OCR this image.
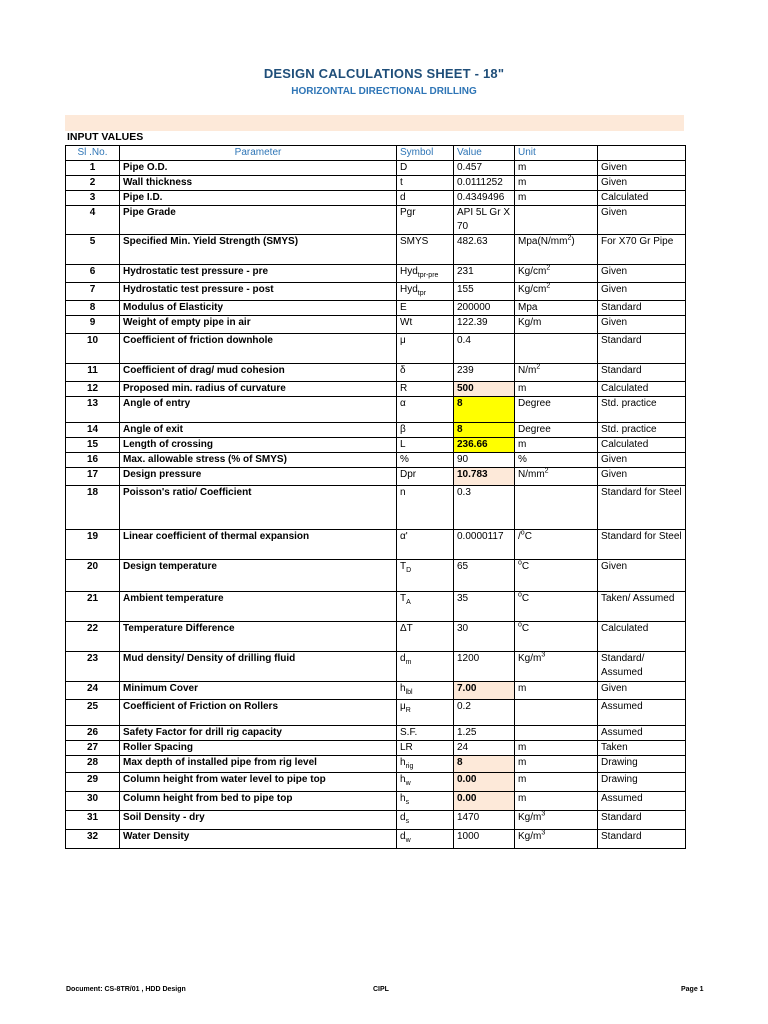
DESIGN CALCULATIONS SHEET - 18"
HORIZONTAL DIRECTIONAL DRILLING
INPUT VALUES
Sl .No.	Parameter	Symbol	Value	Unit	
1	Pipe O.D.	D	0.457	m	Given
2	Wall thickness	t	0.0111252	m	Given
3	Pipe I.D.	d	0.4349496	m	Calculated
4	Pipe Grade	Pgr	API 5L Gr X 70		Given
5	Specified Min. Yield Strength (SMYS)	SMYS	482.63	$Mpa(N/mm^2)$	For X70 Gr Pipe
6	Hydrostatic test pressure - pre	Hyd$_{tpr-pre}$	231	$Kg/cm^2$	Given
7	Hydrostatic test pressure - post	Hyd$_{tpr}$	155	$Kg/cm^2$	Given
8	Modulus of Elasticity	E	200000	Mpa	Standard
9	Weight of empty pipe in air	Wt	122.39	Kg/m	Given
10	Coefficient of friction downhole	μ	0.4		Standard
11	Coefficient of drag/ mud cohesion	δ	239	$N/m^2$	Standard
12	Proposed min. radius of curvature	R	500	m	Calculated
13	Angle of entry	α	8	Degree	Std. practice
14	Angle of exit	β	8	Degree	Std. practice
15	Length of crossing	L	236.66	m	Calculated
16	Max. allowable stress (% of SMYS)	%	90	%	Given
17	Design pressure	Dpr	10.783	$N/mm^2$	Given
18	Poisson's ratio/ Coefficient	n	0.3		Standard for Steel
19	Linear coefficient of thermal expansion	α'	0.0000117	/$^o$C	Standard for Steel
20	Design temperature	$T_D$	65	$^o$C	Given
21	Ambient temperature	$T_A$	35	$^o$C	Taken/ Assumed
22	Temperature Difference	ΔT	30	$^o$C	Calculated
23	Mud density/ Density of drilling fluid	$d_m$	1200	$Kg/m^3$	Standard/ Assumed
24	Minimum Cover	$h_{lbl}$	7.00	m	Given
25	Coefficient of Friction on Rollers	$\mu_R$	0.2		Assumed
26	Safety Factor for drill rig capacity	S.F.	1.25		Assumed
27	Roller Spacing	LR	24	m	Taken
28	Max depth of installed pipe from rig level	$h_{rig}$	8	m	Drawing
29	Column height from water level to pipe top	$h_w$	0.00	m	Drawing
30	Column height from bed to pipe top	$h_s$	0.00	m	Assumed
31	Soil Density - dry	$d_s$	1470	$Kg/m^3$	Standard
32	Water Density	$d_w$	1000	$Kg/m^3$	Standard
Document: CS-8TR/01 , HDD Design	CIPL	Page 1
